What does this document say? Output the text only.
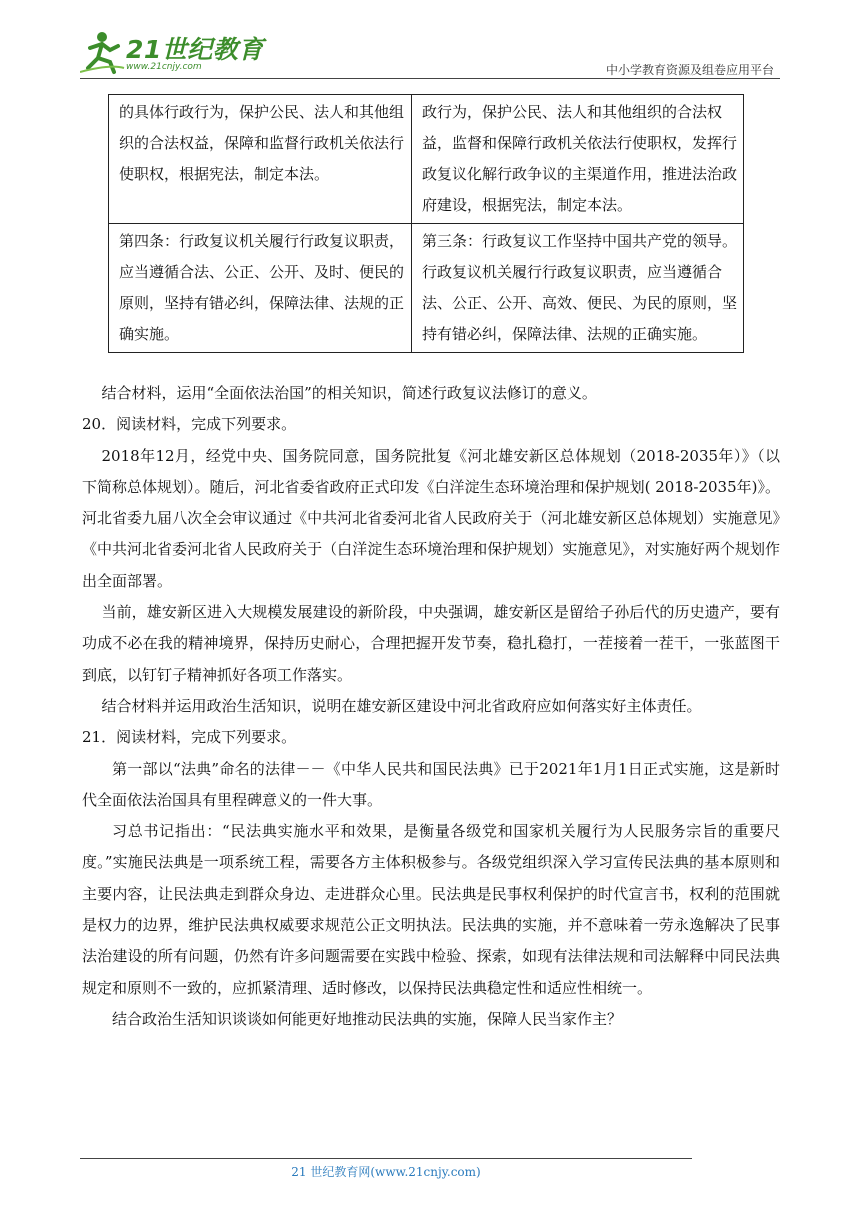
21世纪教育
www.21cnjy.com	中小学教育资源及组卷应用平台
的具体行政行为，保护公民、法人和其他组织的合法权益，保障和监督行政机关依法行使职权，根据宪法，制定本法。	政行为，保护公民、法人和其他组织的合法权益，监督和保障行政机关依法行使职权，发挥行政复议化解行政争议的主渠道作用，推进法治政府建设，根据宪法，制定本法。
第四条：行政复议机关履行行政复议职责，应当遵循合法、公正、公开、及时、便民的原则，坚持有错必纠，保障法律、法规的正确实施。	第三条：行政复议工作坚持中国共产党的领导。行政复议机关履行行政复议职责，应当遵循合法、公正、公开、高效、便民、为民的原则，坚持有错必纠，保障法律、法规的正确实施。

结合材料，运用“全面依法治国”的相关知识，简述行政复议法修订的意义。

20．阅读材料，完成下列要求。

2018年12月，经党中央、国务院同意，国务院批复《河北雄安新区总体规划（2018-2035年）》（以下简称总体规划）。随后，河北省委省政府正式印发《白洋淀生态环境治理和保护规划( 2018-2035年)》。河北省委九届八次全会审议通过《中共河北省委河北省人民政府关于（河北雄安新区总体规划）实施意见》《中共河北省委河北省人民政府关于（白洋淀生态环境治理和保护规划）实施意见》，对实施好两个规划作出全面部署。

当前，雄安新区进入大规模发展建设的新阶段，中央强调，雄安新区是留给子孙后代的历史遗产，要有功成不必在我的精神境界，保持历史耐心，合理把握开发节奏，稳扎稳打，一茬接着一茬干，一张蓝图干到底，以钉钉子精神抓好各项工作落实。

结合材料并运用政治生活知识，说明在雄安新区建设中河北省政府应如何落实好主体责任。

21．阅读材料，完成下列要求。

第一部以“法典”命名的法律－－《中华人民共和国民法典》已于2021年1月1日正式实施，这是新时代全面依法治国具有里程碑意义的一件大事。

习总书记指出：“民法典实施水平和效果，是衡量各级党和国家机关履行为人民服务宗旨的重要尺度。”实施民法典是一项系统工程，需要各方主体积极参与。各级党组织深入学习宣传民法典的基本原则和主要内容，让民法典走到群众身边、走进群众心里。民法典是民事权利保护的时代宣言书，权利的范围就是权力的边界，维护民法典权威要求规范公正文明执法。民法典的实施，并不意味着一劳永逸解决了民事法治建设的所有问题，仍然有许多问题需要在实践中检验、探索，如现有法律法规和司法解释中同民法典规定和原则不一致的，应抓紧清理、适时修改，以保持民法典稳定性和适应性相统一。

结合政治生活知识谈谈如何能更好地推动民法典的实施，保障人民当家作主？

21 世纪教育网(www.21cnjy.com)
